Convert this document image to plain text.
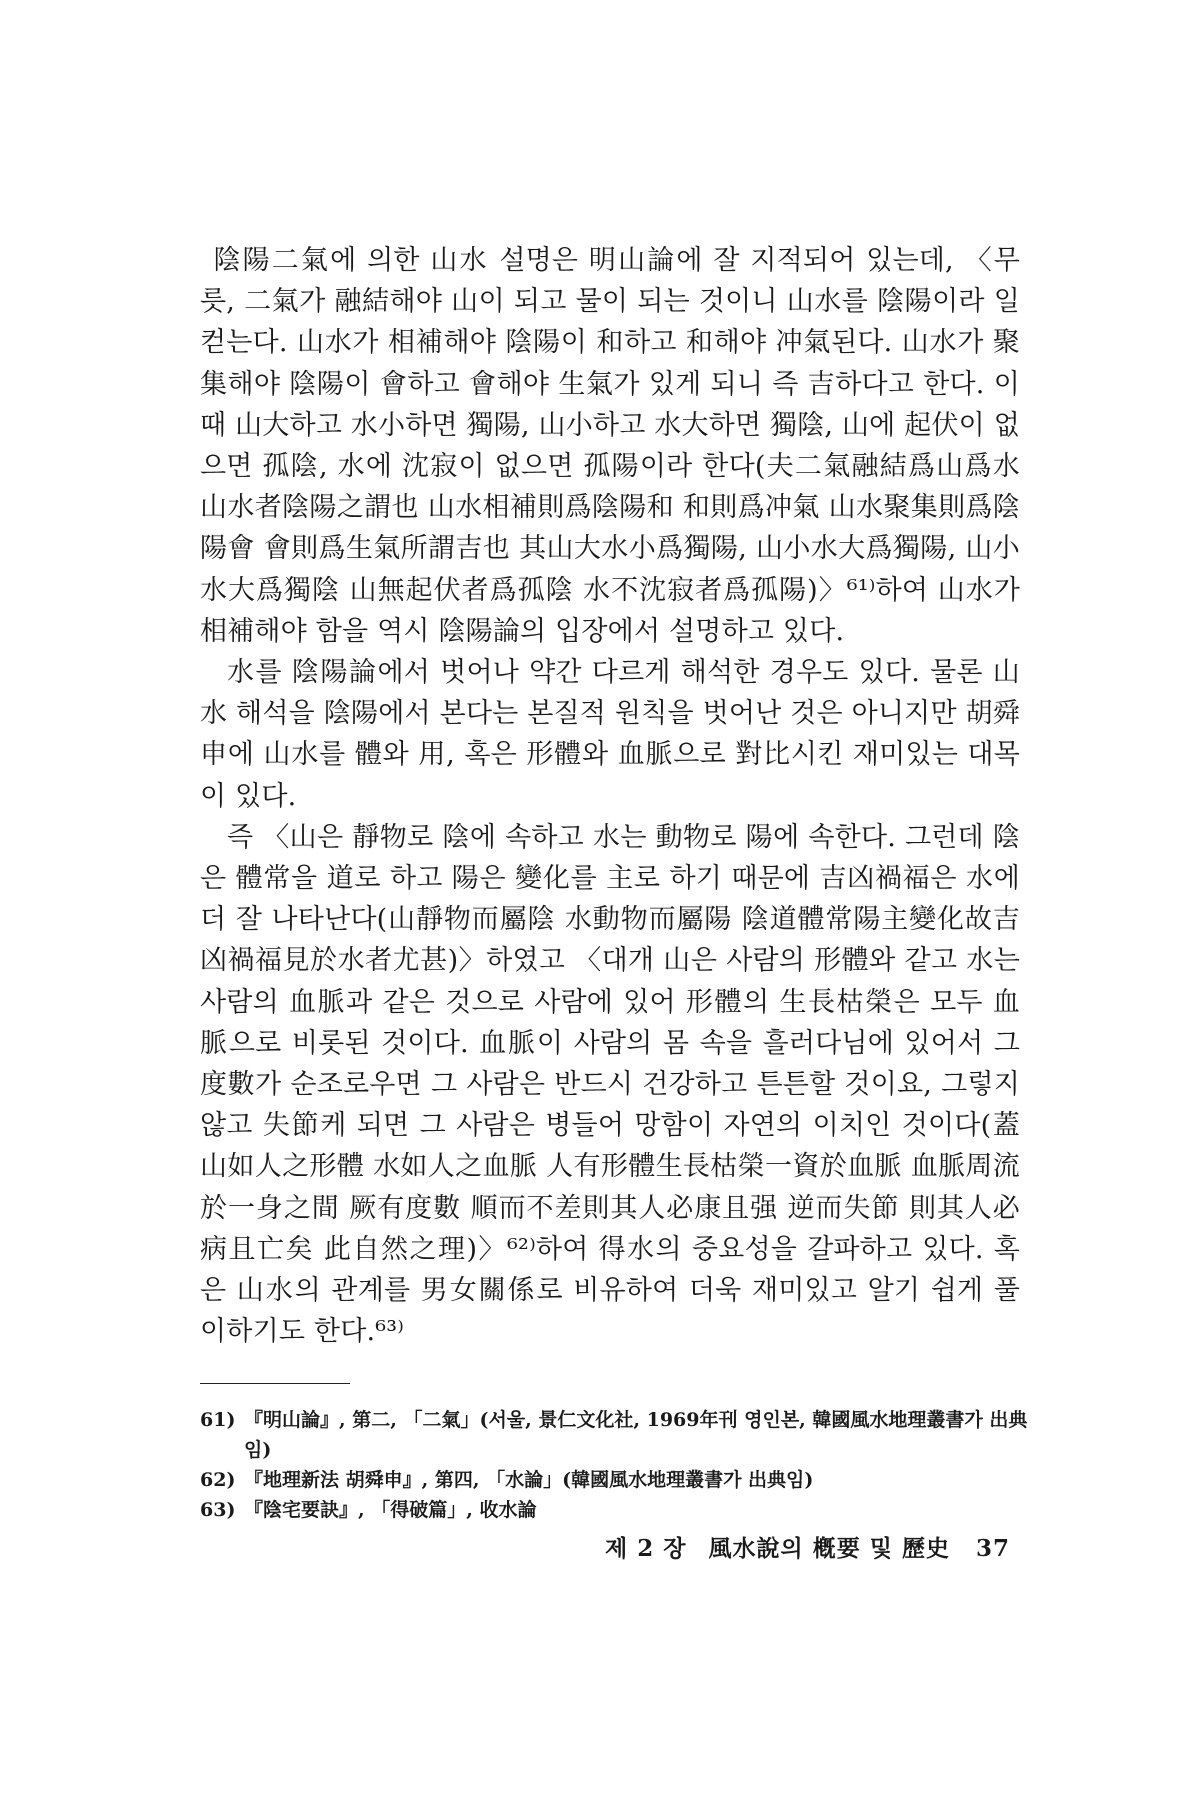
陰陽二氣에 의한 山水 설명은 明山論에 잘 지적되어 있는데, 〈무릇, 二氣가 融結해야 山이 되고 물이 되는 것이니 山水를 陰陽이라 일컫는다. 山水가 相補해야 陰陽이 和하고 和해야 冲氣된다. 山水가 聚集해야 陰陽이 會하고 會해야 生氣가 있게 되니 즉 吉하다고 한다. 이때 山大하고 水小하면 獨陽, 山小하고 水大하면 獨陰, 山에 起伏이 없으면 孤陰, 水에 沈寂이 없으면 孤陽이라 한다(夫二氣融結爲山爲水 山水者陰陽之謂也 山水相補則爲陰陽和 和則爲冲氣 山水聚集則爲陰陽會 會則爲生氣所謂吉也 其山大水小爲獨陽, 山小水大爲獨陽, 山小水大爲獨陰 山無起伏者爲孤陰 水不沈寂者爲孤陽)〉⁶¹⁾하여 山水가 相補해야 함을 역시 陰陽論의 입장에서 설명하고 있다.

水를 陰陽論에서 벗어나 약간 다르게 해석한 경우도 있다. 물론 山水 해석을 陰陽에서 본다는 본질적 원칙을 벗어난 것은 아니지만 胡舜申에 山水를 體와 用, 혹은 形體와 血脈으로 對比시킨 재미있는 대목이 있다.

즉 〈山은 靜物로 陰에 속하고 水는 動物로 陽에 속한다. 그런데 陰은 體常을 道로 하고 陽은 變化를 主로 하기 때문에 吉凶禍福은 水에 더 잘 나타난다(山靜物而屬陰 水動物而屬陽 陰道體常陽主變化故吉凶禍福見於水者尤甚)〉하였고 〈대개 山은 사람의 形體와 같고 水는 사람의 血脈과 같은 것으로 사람에 있어 形體의 生長枯榮은 모두 血脈으로 비롯된 것이다. 血脈이 사람의 몸 속을 흘러다님에 있어서 그 度數가 순조로우면 그 사람은 반드시 건강하고 튼튼할 것이요, 그렇지 않고 失節케 되면 그 사람은 병들어 망함이 자연의 이치인 것이다(蓋山如人之形體 水如人之血脈 人有形體生長枯榮一資於血脈 血脈周流於一身之間 厥有度數 順而不差則其人必康且强 逆而失節 則其人必病且亡矣 此自然之理)〉⁶²⁾하여 得水의 중요성을 갈파하고 있다. 혹은 山水의 관계를 男女關係로 비유하여 더욱 재미있고 알기 쉽게 풀이하기도 한다.⁶³⁾

61) 『明山論』, 第二, 「二氣」(서울, 景仁文化社, 1969年刊 영인본, 韓國風水地理叢書가 出典임)

62) 『地理新法 胡舜申』, 第四, 「水論」(韓國風水地理叢書가 出典임)

63) 『陰宅要訣』, 「得破篇」, 收水論

제 2 장 風水說의 槪要 및 歷史 37
